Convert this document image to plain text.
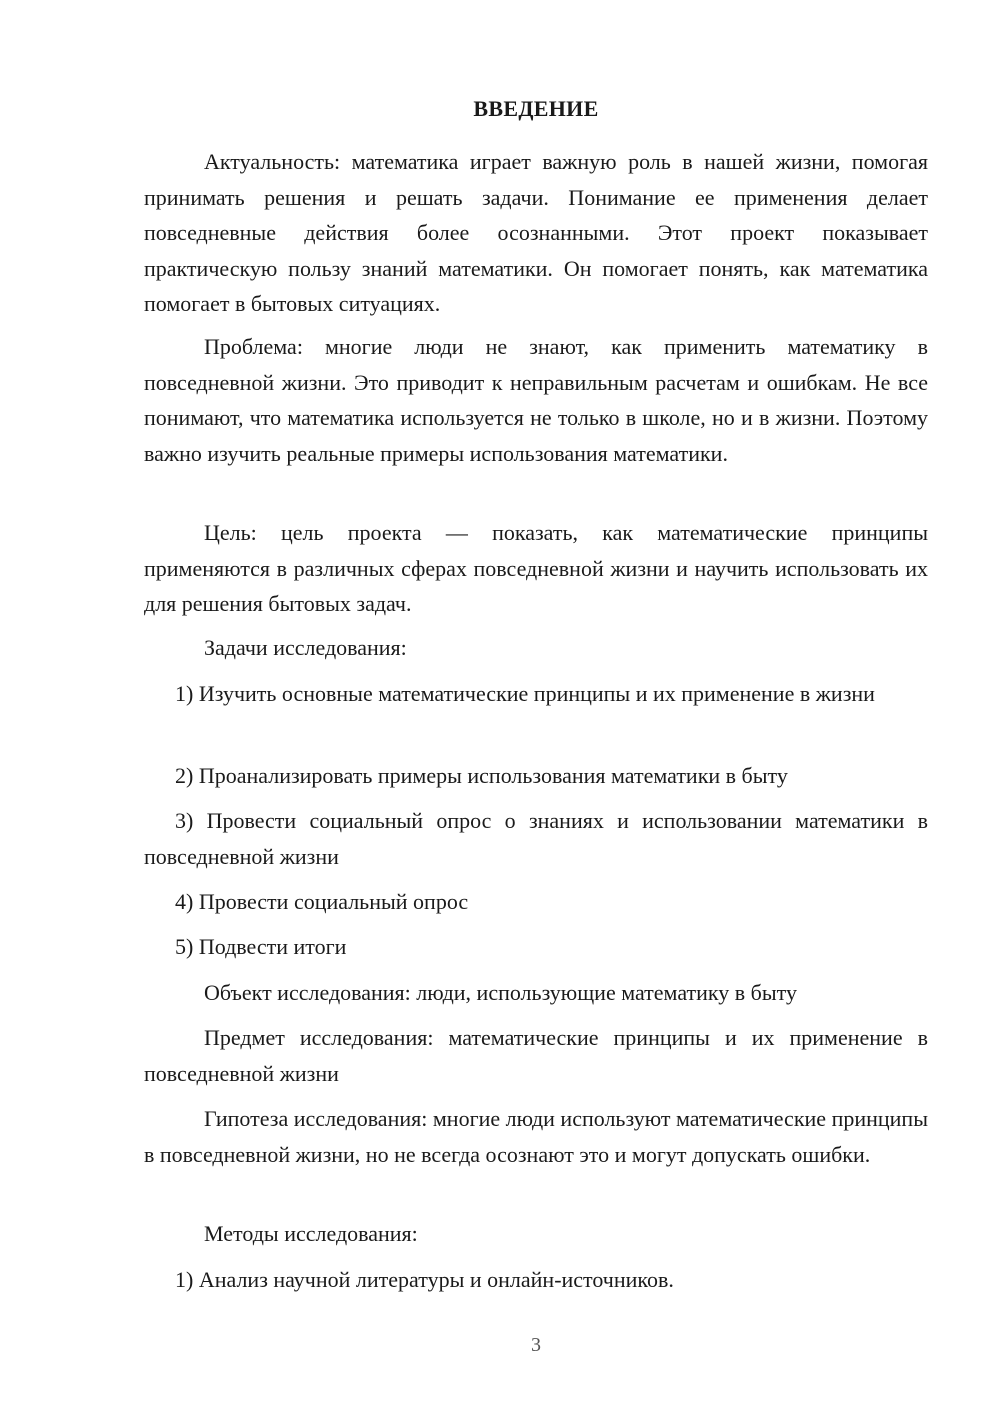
ВВЕДЕНИЕ

Актуальность: математика играет важную роль в нашей жизни, помогая принимать решения и решать задачи. Понимание ее применения делает повседневные действия более осознанными. Этот проект показывает практическую пользу знаний математики. Он помогает понять, как математика помогает в бытовых ситуациях.

Проблема: многие люди не знают, как применить математику в повседневной жизни. Это приводит к неправильным расчетам и ошибкам. Не все понимают, что математика используется не только в школе, но и в жизни. Поэтому важно изучить реальные примеры использования математики.

Цель: цель проекта — показать, как математические принципы применяются в различных сферах повседневной жизни и научить использовать их для решения бытовых задач.

Задачи исследования:

1) Изучить основные математические принципы и их применение в жизни

2) Проанализировать примеры использования математики в быту

3) Провести социальный опрос о знаниях и использовании математики в повседневной жизни

4) Провести социальный опрос

5) Подвести итоги

Объект исследования: люди, использующие математику в быту

Предмет исследования: математические принципы и их применение в повседневной жизни

Гипотеза исследования: многие люди используют математические принципы в повседневной жизни, но не всегда осознают это и могут допускать ошибки.

Методы исследования:

1) Анализ научной литературы и онлайн-источников.

3
